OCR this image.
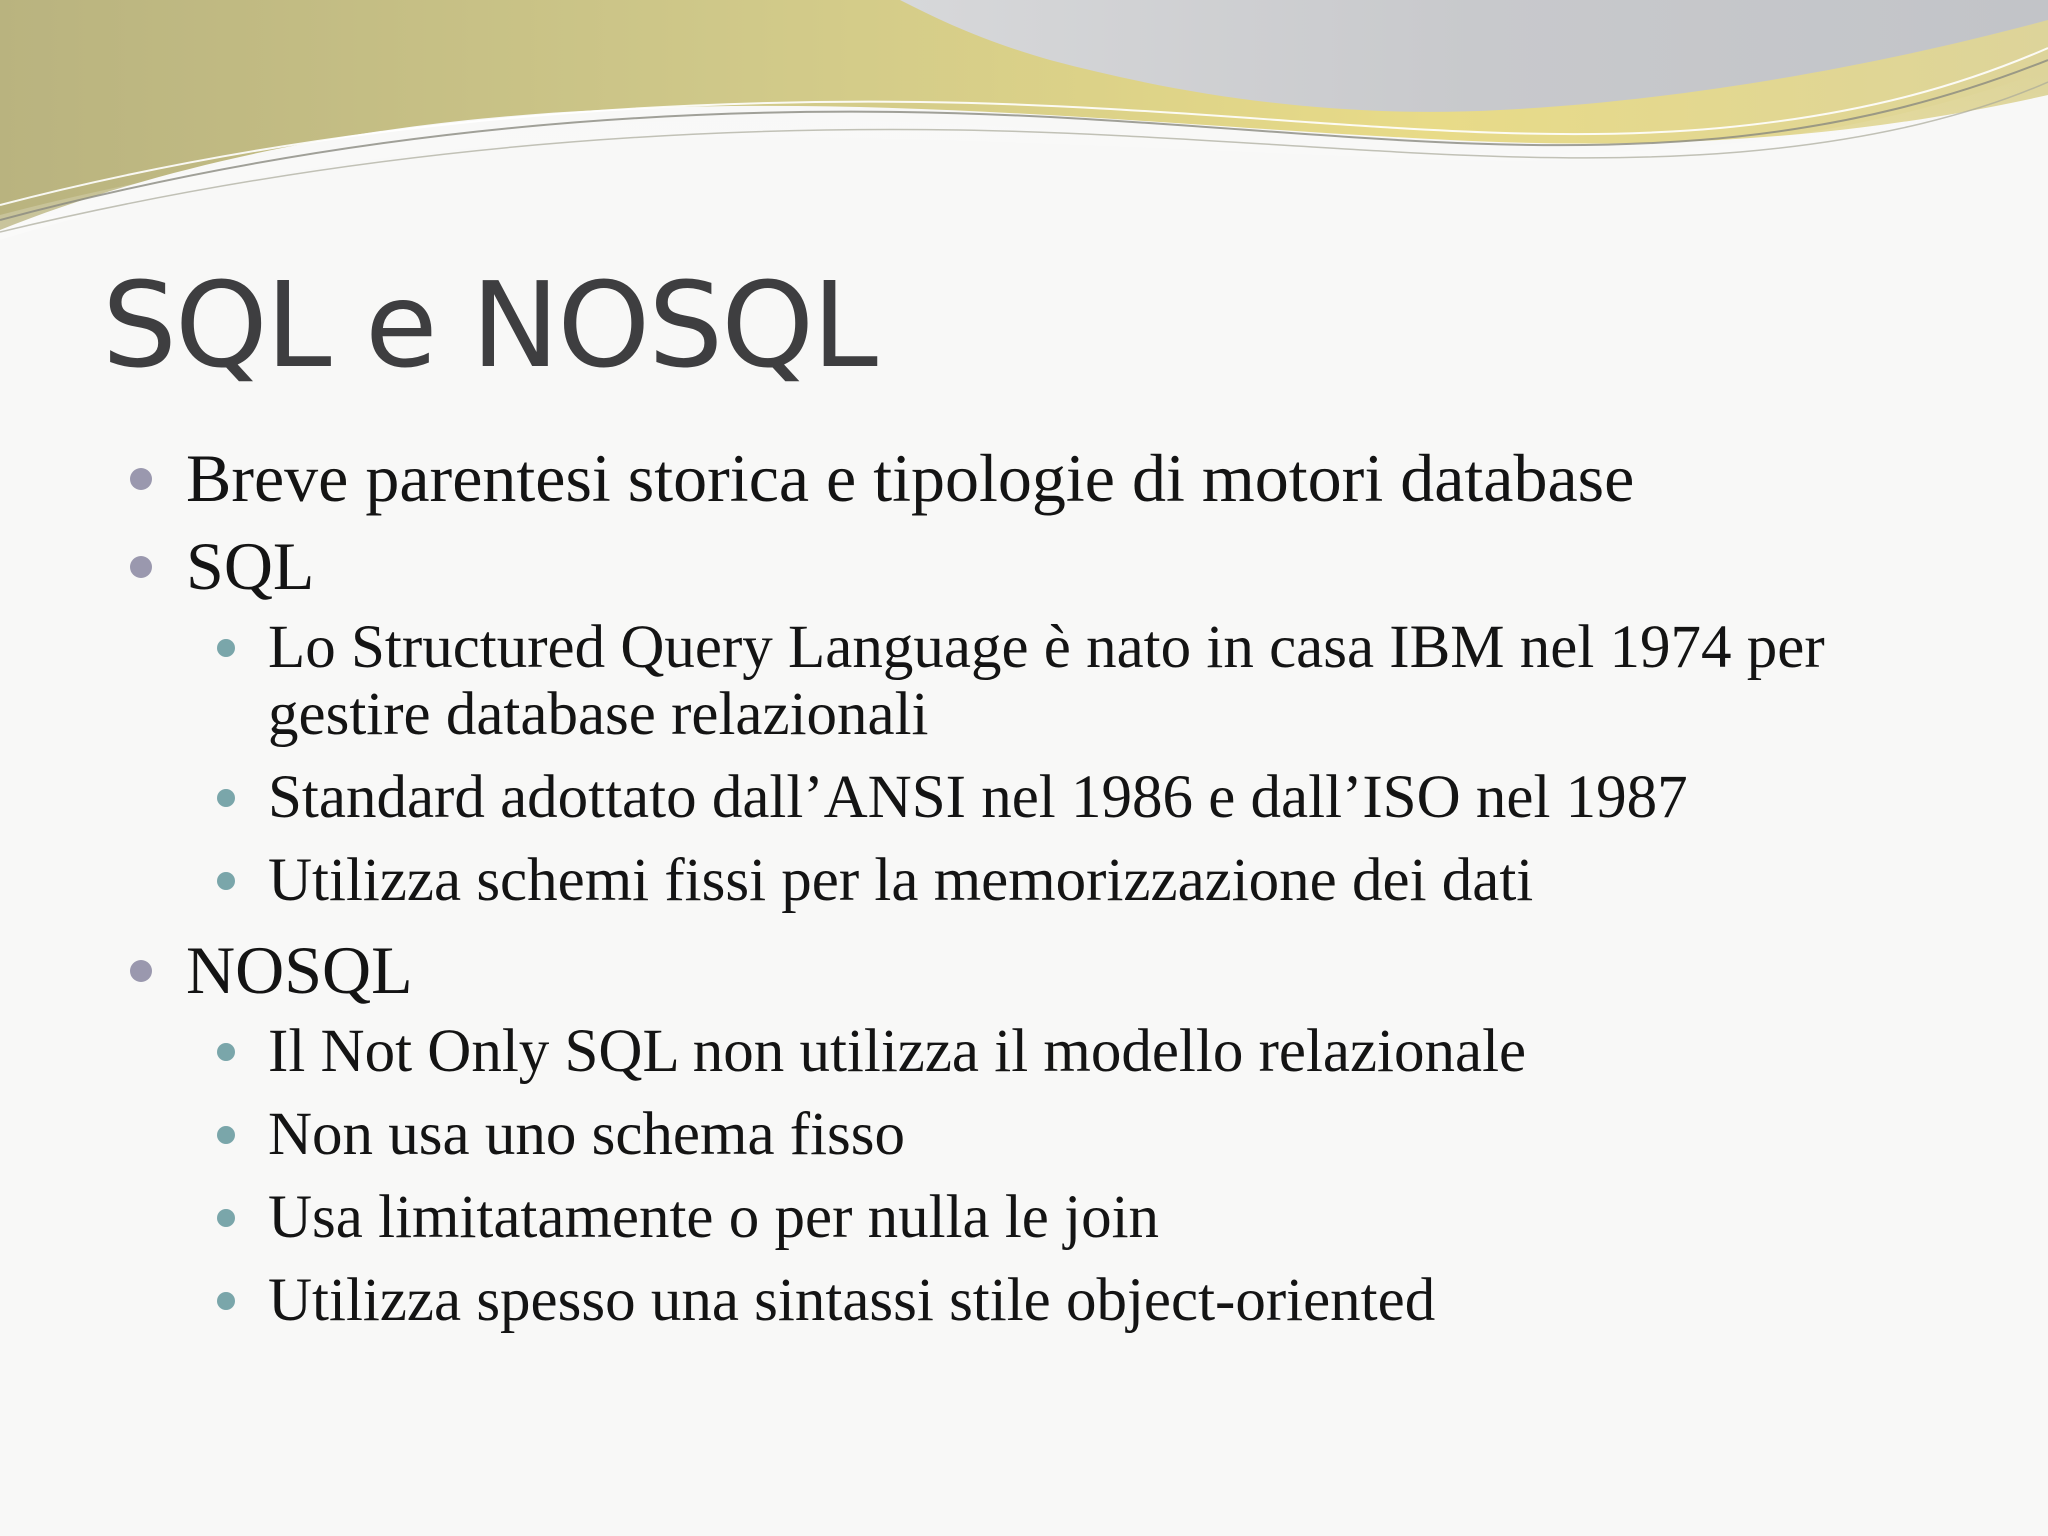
SQL e NOSQL
Breve parentesi storica e tipologie di motori database
SQL
Lo Structured Query Language è nato in casa IBM nel 1974 per gestire database relazionali
Standard adottato dall’ANSI nel 1986 e dall’ISO nel 1987
Utilizza schemi fissi per la memorizzazione dei dati
NOSQL
Il Not Only SQL non utilizza il modello relazionale
Non usa uno schema fisso
Usa limitatamente o per nulla le join
Utilizza spesso una sintassi stile object-oriented
